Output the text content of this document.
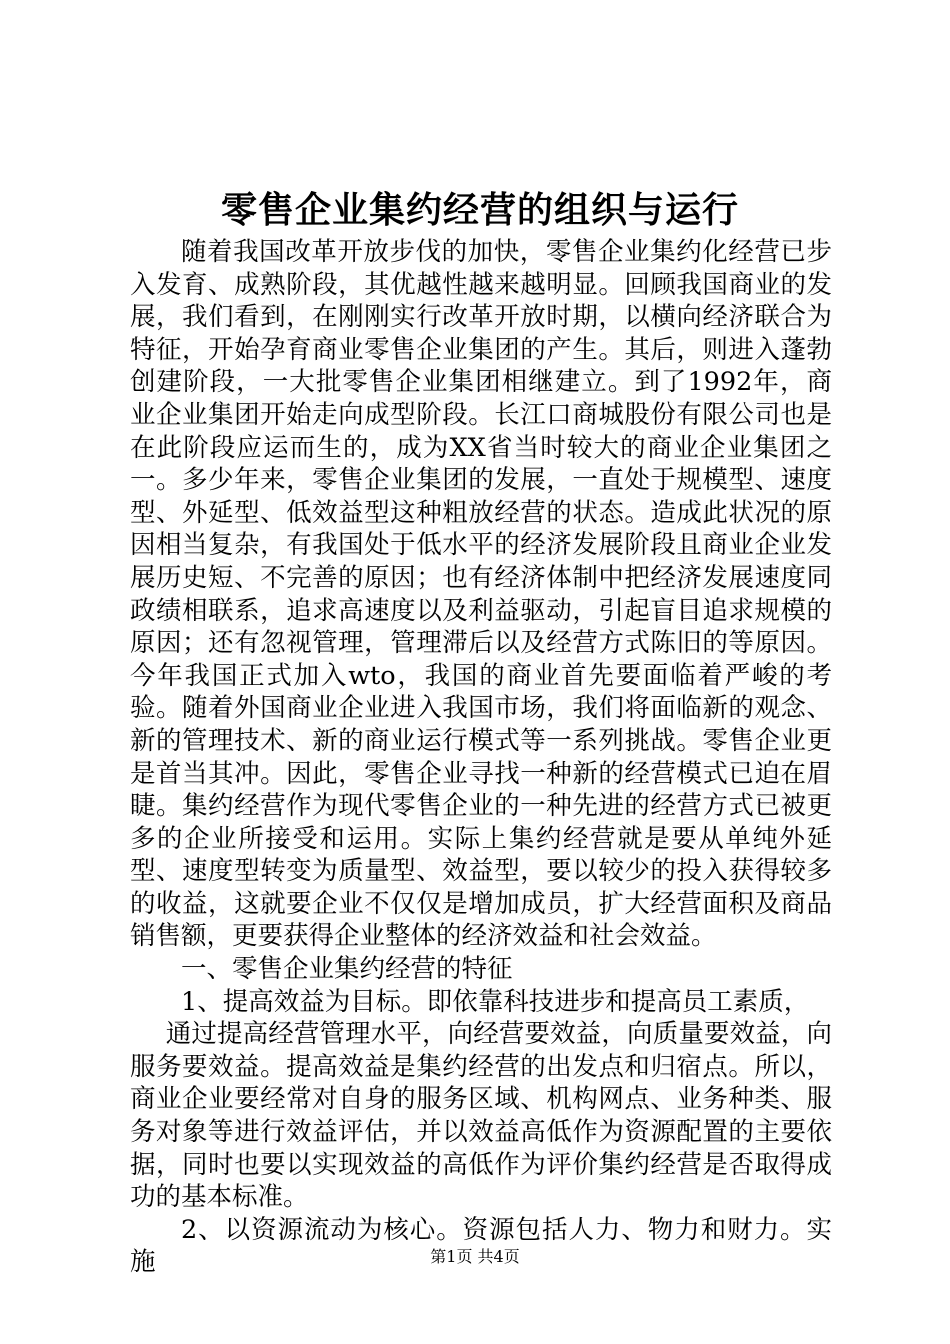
零售企业集约经营的组织与运行

随着我国改革开放步伐的加快，零售企业集约化经营已步入发育、成熟阶段，其优越性越来越明显。回顾我国商业的发展，我们看到，在刚刚实行改革开放时期，以横向经济联合为特征，开始孕育商业零售企业集团的产生。其后，则进入蓬勃创建阶段，一大批零售企业集团相继建立。到了1992年，商业企业集团开始走向成型阶段。长江口商城股份有限公司也是在此阶段应运而生的，成为XX省当时较大的商业企业集团之一。多少年来，零售企业集团的发展，一直处于规模型、速度型、外延型、低效益型这种粗放经营的状态。造成此状况的原因相当复杂，有我国处于低水平的经济发展阶段且商业企业发展历史短、不完善的原因；也有经济体制中把经济发展速度同政绩相联系，追求高速度以及利益驱动，引起盲目追求规模的原因；还有忽视管理，管理滞后以及经营方式陈旧的等原因。今年我国正式加入wto，我国的商业首先要面临着严峻的考验。随着外国商业企业进入我国市场，我们将面临新的观念、新的管理技术、新的商业运行模式等一系列挑战。零售企业更是首当其冲。因此，零售企业寻找一种新的经营模式已迫在眉睫。集约经营作为现代零售企业的一种先进的经营方式已被更多的企业所接受和运用。实际上集约经营就是要从单纯外延型、速度型转变为质量型、效益型，要以较少的投入获得较多的收益，这就要企业不仅仅是增加成员，扩大经营面积及商品销售额，更要获得企业整体的经济效益和社会效益。

一、零售企业集约经营的特征

1、提高效益为目标。即依靠科技进步和提高员工素质，

通过提高经营管理水平，向经营要效益，向质量要效益，向服务要效益。提高效益是集约经营的出发点和归宿点。所以，商业企业要经常对自身的服务区域、机构网点、业务种类、服务对象等进行效益评估，并以效益高低作为资源配置的主要依据，同时也要以实现效益的高低作为评价集约经营是否取得成功的基本标准。

2、以资源流动为核心。资源包括人力、物力和财力。实施	第1页 共4页
